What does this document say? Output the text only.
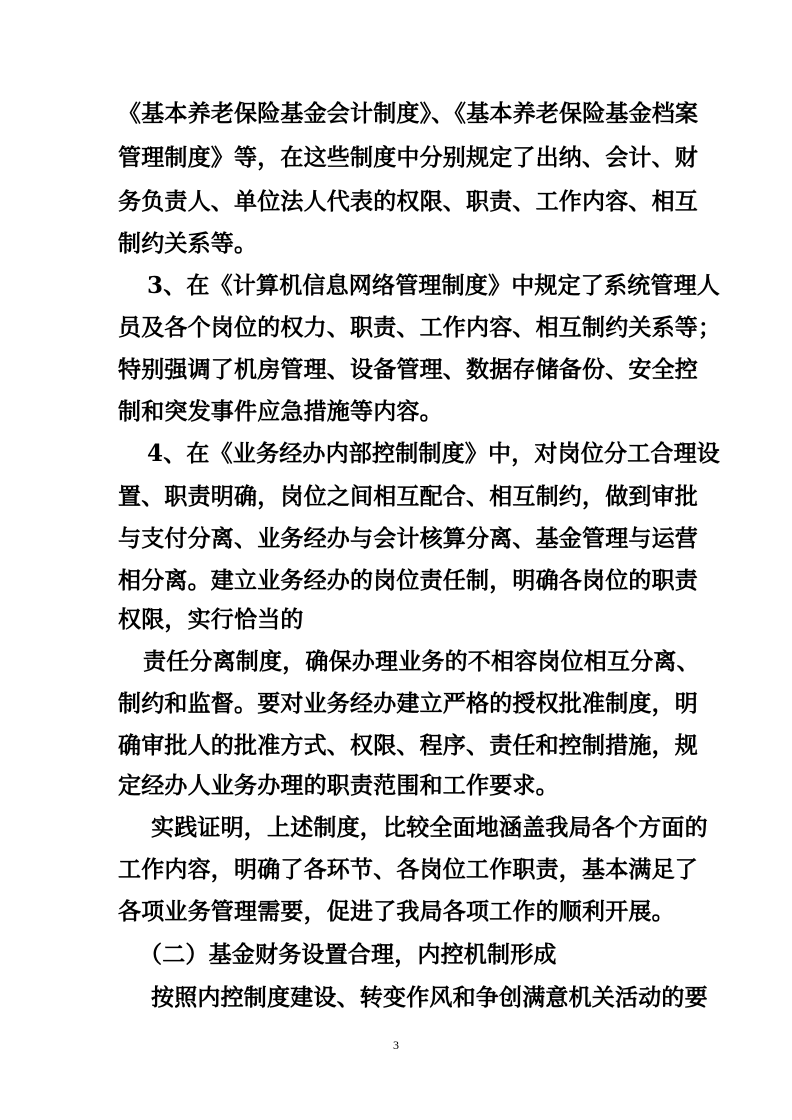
《基本养老保险基金会计制度》、《基本养老保险基金档案
管理制度》等，在这些制度中分别规定了出纳、会计、财
务负责人、单位法人代表的权限、职责、工作内容、相互
制约关系等。
3、在《计算机信息网络管理制度》中规定了系统管理人
员及各个岗位的权力、职责、工作内容、相互制约关系等；
特别强调了机房管理、设备管理、数据存储备份、安全控
制和突发事件应急措施等内容。
4、在《业务经办内部控制制度》中，对岗位分工合理设
置、职责明确，岗位之间相互配合、相互制约，做到审批
与支付分离、业务经办与会计核算分离、基金管理与运营
相分离。建立业务经办的岗位责任制，明确各岗位的职责
权限，实行恰当的
责任分离制度，确保办理业务的不相容岗位相互分离、
制约和监督。要对业务经办建立严格的授权批准制度，明
确审批人的批准方式、权限、程序、责任和控制措施，规
定经办人业务办理的职责范围和工作要求。
实践证明，上述制度，比较全面地涵盖我局各个方面的
工作内容，明确了各环节、各岗位工作职责，基本满足了
各项业务管理需要，促进了我局各项工作的顺利开展。
（二）基金财务设置合理，内控机制形成
按照内控制度建设、转变作风和争创满意机关活动的要
3
